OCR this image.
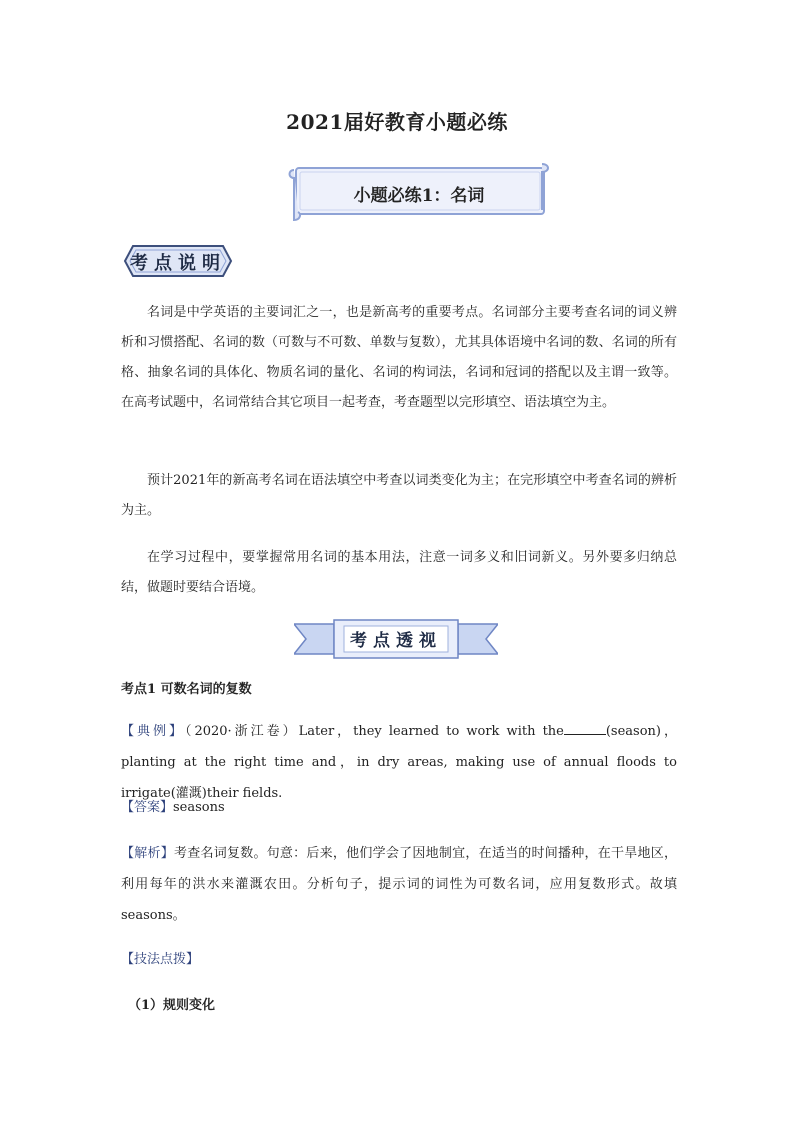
2021届好教育小题必练
小题必练1：名词
考点说明

名词是中学英语的主要词汇之一，也是新高考的重要考点。名词部分主要考查名词的词义辨析和习惯搭配、名词的数（可数与不可数、单数与复数），尤其具体语境中名词的数、名词的所有格、抽象名词的具体化、物质名词的量化、名词的构词法，名词和冠词的搭配以及主谓一致等。在高考试题中，名词常结合其它项目一起考查，考查题型以完形填空、语法填空为主。

预计2021年的新高考名词在语法填空中考查以词类变化为主；在完形填空中考查名词的辨析为主。

在学习过程中，要掌握常用名词的基本用法，注意一词多义和旧词新义。另外要多归纳总结，做题时要结合语境。

考点透视
考点1 可数名词的复数

【典例】（2020·浙江卷）Later，they learned to work with the	(season)，planting at the right time and，in dry areas, making use of annual floods to irrigate(灌溉)their fields.

【答案】seasons

【解析】考查名词复数。句意：后来，他们学会了因地制宜，在适当的时间播种，在干旱地区，利用每年的洪水来灌溉农田。分析句子，提示词的词性为可数名词，应用复数形式。故填seasons。

【技法点拨】

（1）规则变化
